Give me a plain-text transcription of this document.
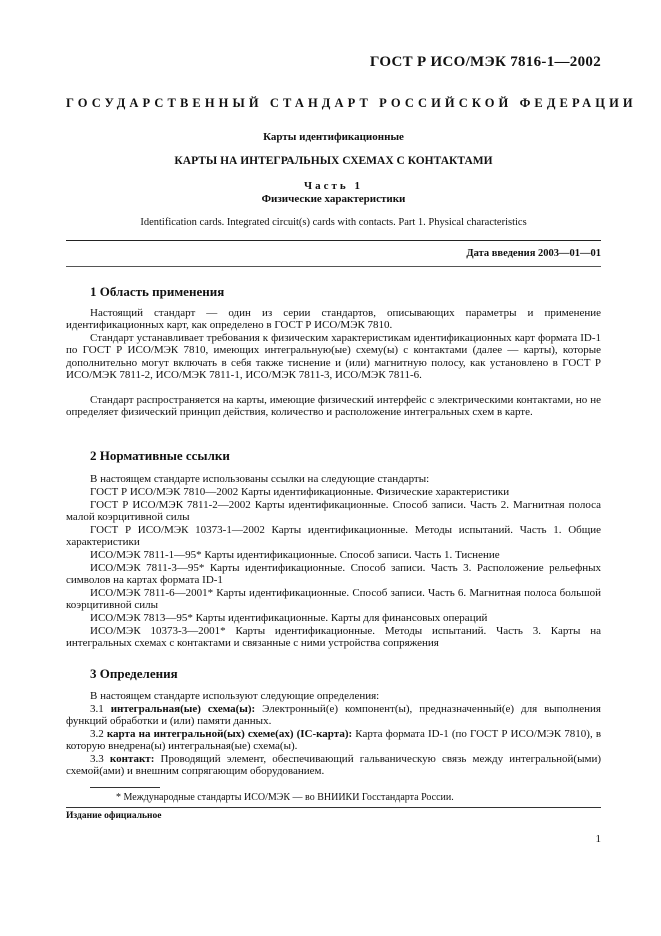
ГОСТ Р ИСО/МЭК 7816-1—2002
ГОСУДАРСТВЕННЫЙ СТАНДАРТ РОССИЙСКОЙ ФЕДЕРАЦИИ
Карты идентификационные
КАРТЫ НА ИНТЕГРАЛЬНЫХ СХЕМАХ С КОНТАКТАМИ
Часть 1
Физические характеристики
Identification cards. Integrated circuit(s) cards with contacts. Part 1. Physical characteristics
Дата введения 2003—01—01
1 Область применения

Настоящий стандарт — один из серии стандартов, описывающих параметры и применение идентификационных карт, как определено в ГОСТ Р ИСО/МЭК 7810.

Стандарт устанавливает требования к физическим характеристикам идентификационных карт формата ID-1 по ГОСТ Р ИСО/МЭК 7810, имеющих интегральную(ые) схему(ы) с контактами (далее — карты), которые дополнительно могут включать в себя также тиснение и (или) магнитную полосу, как установлено в ГОСТ Р ИСО/МЭК 7811-2, ИСО/МЭК 7811-1, ИСО/МЭК 7811-3, ИСО/МЭК 7811-6.

Стандарт распространяется на карты, имеющие физический интерфейс с электрическими контактами, но не определяет физический принцип действия, количество и расположение интегральных схем в карте.

2 Нормативные ссылки

В настоящем стандарте использованы ссылки на следующие стандарты:

ГОСТ Р ИСО/МЭК 7810—2002 Карты идентификационные. Физические характеристики

ГОСТ Р ИСО/МЭК 7811-2—2002 Карты идентификационные. Способ записи. Часть 2. Магнитная полоса малой коэрцитивной силы

ГОСТ Р ИСО/МЭК 10373-1—2002 Карты идентификационные. Методы испытаний. Часть 1. Общие характеристики

ИСО/МЭК 7811-1—95* Карты идентификационные. Способ записи. Часть 1. Тиснение

ИСО/МЭК 7811-3—95* Карты идентификационные. Способ записи. Часть 3. Расположение рельефных символов на картах формата ID-1

ИСО/МЭК 7811-6—2001* Карты идентификационные. Способ записи. Часть 6. Магнитная полоса большой коэрцитивной силы

ИСО/МЭК 7813—95* Карты идентификационные. Карты для финансовых операций

ИСО/МЭК 10373-3—2001* Карты идентификационные. Методы испытаний. Часть 3. Карты на интегральных схемах с контактами и связанные с ними устройства сопряжения

3 Определения

В настоящем стандарте используют следующие определения:

3.1 интегральная(ые) схема(ы): Электронный(е) компонент(ы), предназначенный(е) для выполнения функций обработки и (или) памяти данных.

3.2 карта на интегральной(ых) схеме(ах) (IC-карта): Карта формата ID-1 (по ГОСТ Р ИСО/МЭК 7810), в которую внедрена(ы) интегральная(ые) схема(ы).

3.3 контакт: Проводящий элемент, обеспечивающий гальваническую связь между интегральной(ыми) схемой(ами) и внешним сопрягающим оборудованием.

* Международные стандарты ИСО/МЭК — во ВНИИКИ Госстандарта России.
Издание официальное
1
